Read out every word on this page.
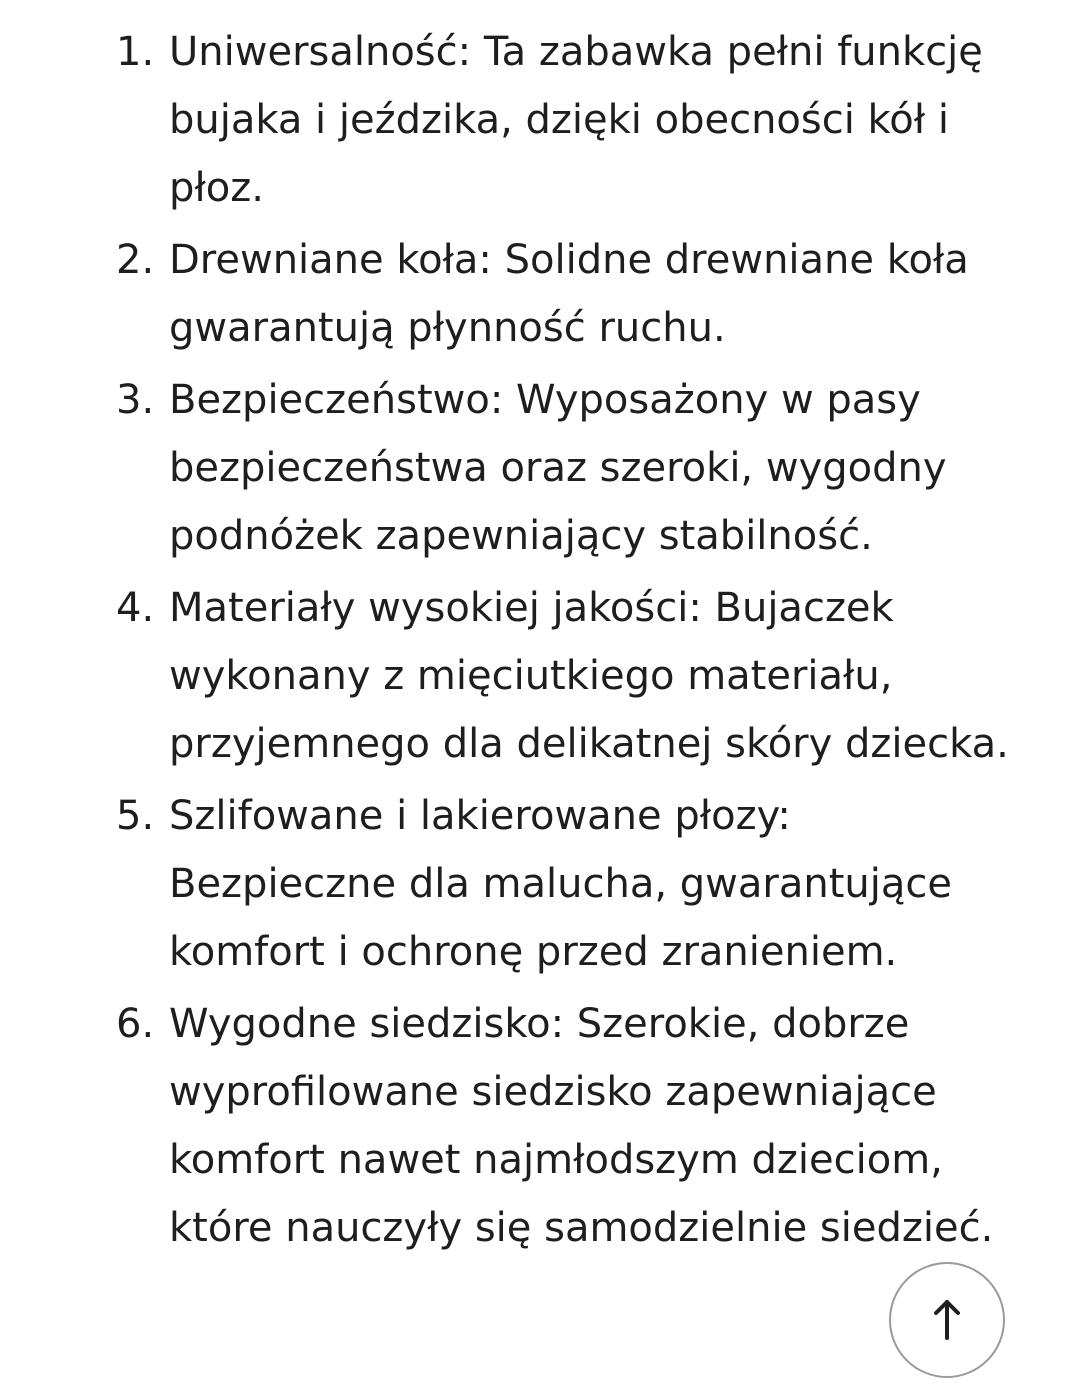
1. Uniwersalność: Ta zabawka pełni funkcję bujaka i jeździka, dzięki obecności kół i płoz.
2. Drewniane koła: Solidne drewniane koła gwarantują płynność ruchu.
3. Bezpieczeństwo: Wyposażony w pasy bezpieczeństwa oraz szeroki, wygodny podnóżek zapewniający stabilność.
4. Materiały wysokiej jakości: Bujaczek wykonany z mięciutkiego materiału, przyjemnego dla delikatnej skóry dziecka.
5. Szlifowane i lakierowane płozy: Bezpieczne dla malucha, gwarantujące komfort i ochronę przed zranieniem.
6. Wygodne siedzisko: Szerokie, dobrze wyprofilowane siedzisko zapewniające komfort nawet najmłodszym dzieciom, które nauczyły się samodzielnie siedzieć.
